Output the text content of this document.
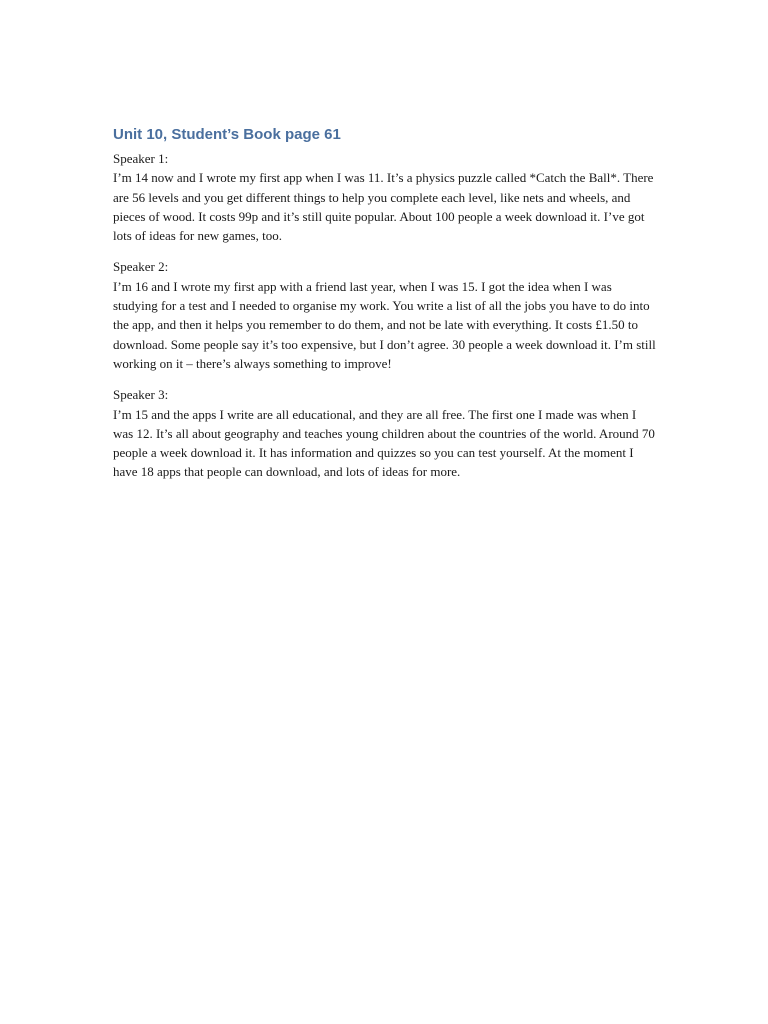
Unit 10, Student’s Book page 61

Speaker 1:

I’m 14 now and I wrote my first app when I was 11. It’s a physics puzzle called *Catch the Ball*. There are 56 levels and you get different things to help you complete each level, like nets and wheels, and pieces of wood. It costs 99p and it’s still quite popular. About 100 people a week download it. I’ve got lots of ideas for new games, too.

Speaker 2:

I’m 16 and I wrote my first app with a friend last year, when I was 15. I got the idea when I was studying for a test and I needed to organise my work. You write a list of all the jobs you have to do into the app, and then it helps you remember to do them, and not be late with everything. It costs £1.50 to download. Some people say it’s too expensive, but I don’t agree. 30 people a week download it. I’m still working on it – there’s always something to improve!

Speaker 3:

I’m 15 and the apps I write are all educational, and they are all free. The first one I made was when I was 12. It’s all about geography and teaches young children about the countries of the world. Around 70 people a week download it. It has information and quizzes so you can test yourself. At the moment I have 18 apps that people can download, and lots of ideas for more.
